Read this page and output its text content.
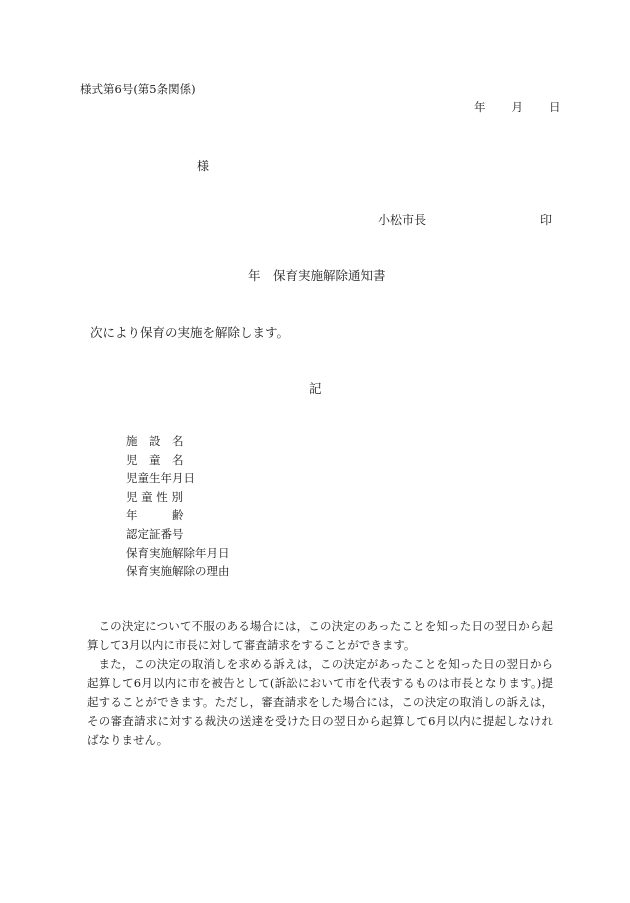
様式第6号(第5条関係)
年 月 日
様
小松市長	印
年　保育実施解除通知書
次により保育の実施を解除します。
記
施　設　名
児　童　名
児童生年月日
児 童 性 別
年　　　齢
認定証番号
保育実施解除年月日
保育実施解除の理由

この決定について不服のある場合には，この決定のあったことを知った日の翌日から起算して3月以内に市長に対して審査請求をすることができます。

また，この決定の取消しを求める訴えは，この決定があったことを知った日の翌日から起算して6月以内に市を被告として(訴訟において市を代表するものは市長となります。)提起することができます。ただし，審査請求をした場合には，この決定の取消しの訴えは，その審査請求に対する裁決の送達を受けた日の翌日から起算して6月以内に提起しなければなりません。
